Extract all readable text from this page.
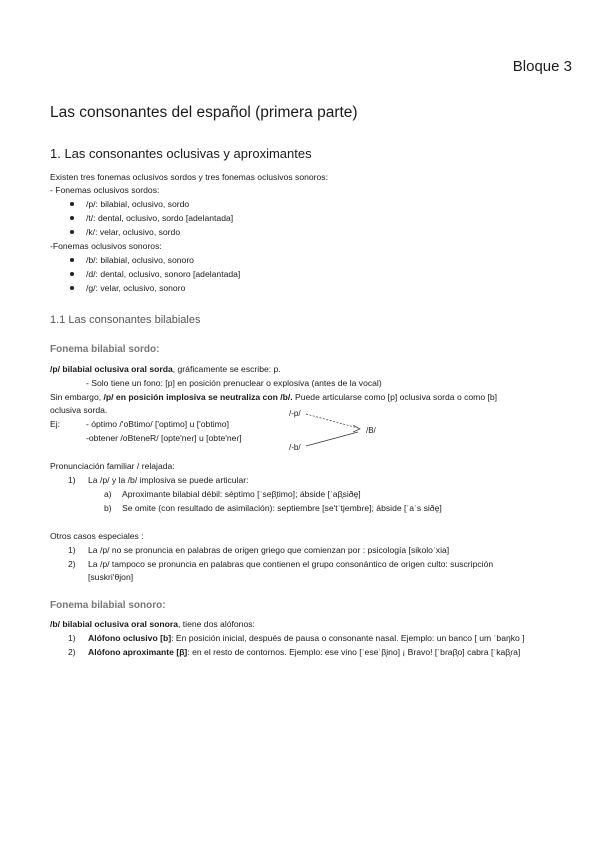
Bloque 3
Las consonantes del español (primera parte)
1. Las consonantes oclusivas y aproximantes
Existen tres fonemas oclusivos sordos y tres fonemas oclusivos sonoros:
- Fonemas oclusivos sordos:
/p/: bilabial, oclusivo, sordo
/t/: dental, oclusivo, sordo [adelantada]
/k/: velar, oclusivo, sordo
-Fonemas oclusivos sonoros:
/b/: bilabial, oclusivo, sonoro
/d/: dental, oclusivo, sonoro [adelantada]
/g/: velar, oclusivo, sonoro
1.1 Las consonantes bilabiales
Fonema bilabial sordo:
/p/ bilabial oclusiva oral sorda, gráficamente se escribe: p.
- Solo tiene un fono: [p] en posición prenuclear o explosiva (antes de la vocal)
Sin embargo, /p/ en posición implosiva se neutraliza con /b/. Puede articularse como [p] oclusiva sorda o como [b]
oclusiva sorda.
Ej:	- óptimo /'oBtimo/ ['optimo] u ['obtimo]
-obtener /oBteneR/ [opte'neɾ] u [obte'neɾ]
/-p/
/-b/
/B/
Pronunciación familiar / relajada:
1) La /p/ y la /b/ implosiva se puede articular:
a) Aproximante bilabial débil: séptimo [ˈseβ̞timo]; ábside [ˈaβ̞siðe̞]
b) Se omite (con resultado de asimilación): septiembre [se'tˈtjembɾe]; ábside [ˈaˈs siðe̞]
Otros casos especiales :
1) La /p/ no se pronuncia en palabras de origen griego que comienzan por : psicología [sikoloˈxia]
2) La /p/ tampoco se pronuncia en palabras que contienen el grupo consonántico de origen culto: suscripción
[suskri'θjon]
Fonema bilabial sonoro:
/b/ bilabial oclusiva oral sonora, tiene dos alófonos:
1) Alófono oclusivo [b]: En posición inicial, después de pausa o consonante nasal. Ejemplo: un banco [ um ˈbaŋko ]
2) Alófono aproximante [β̞]: en el resto de contornos. Ejemplo: ese vino [ˈeseˈβ̞ino] ¡ Bravo! [ˈbɾaβ̞o] cabra [ˈkaβ̞ɾa]
